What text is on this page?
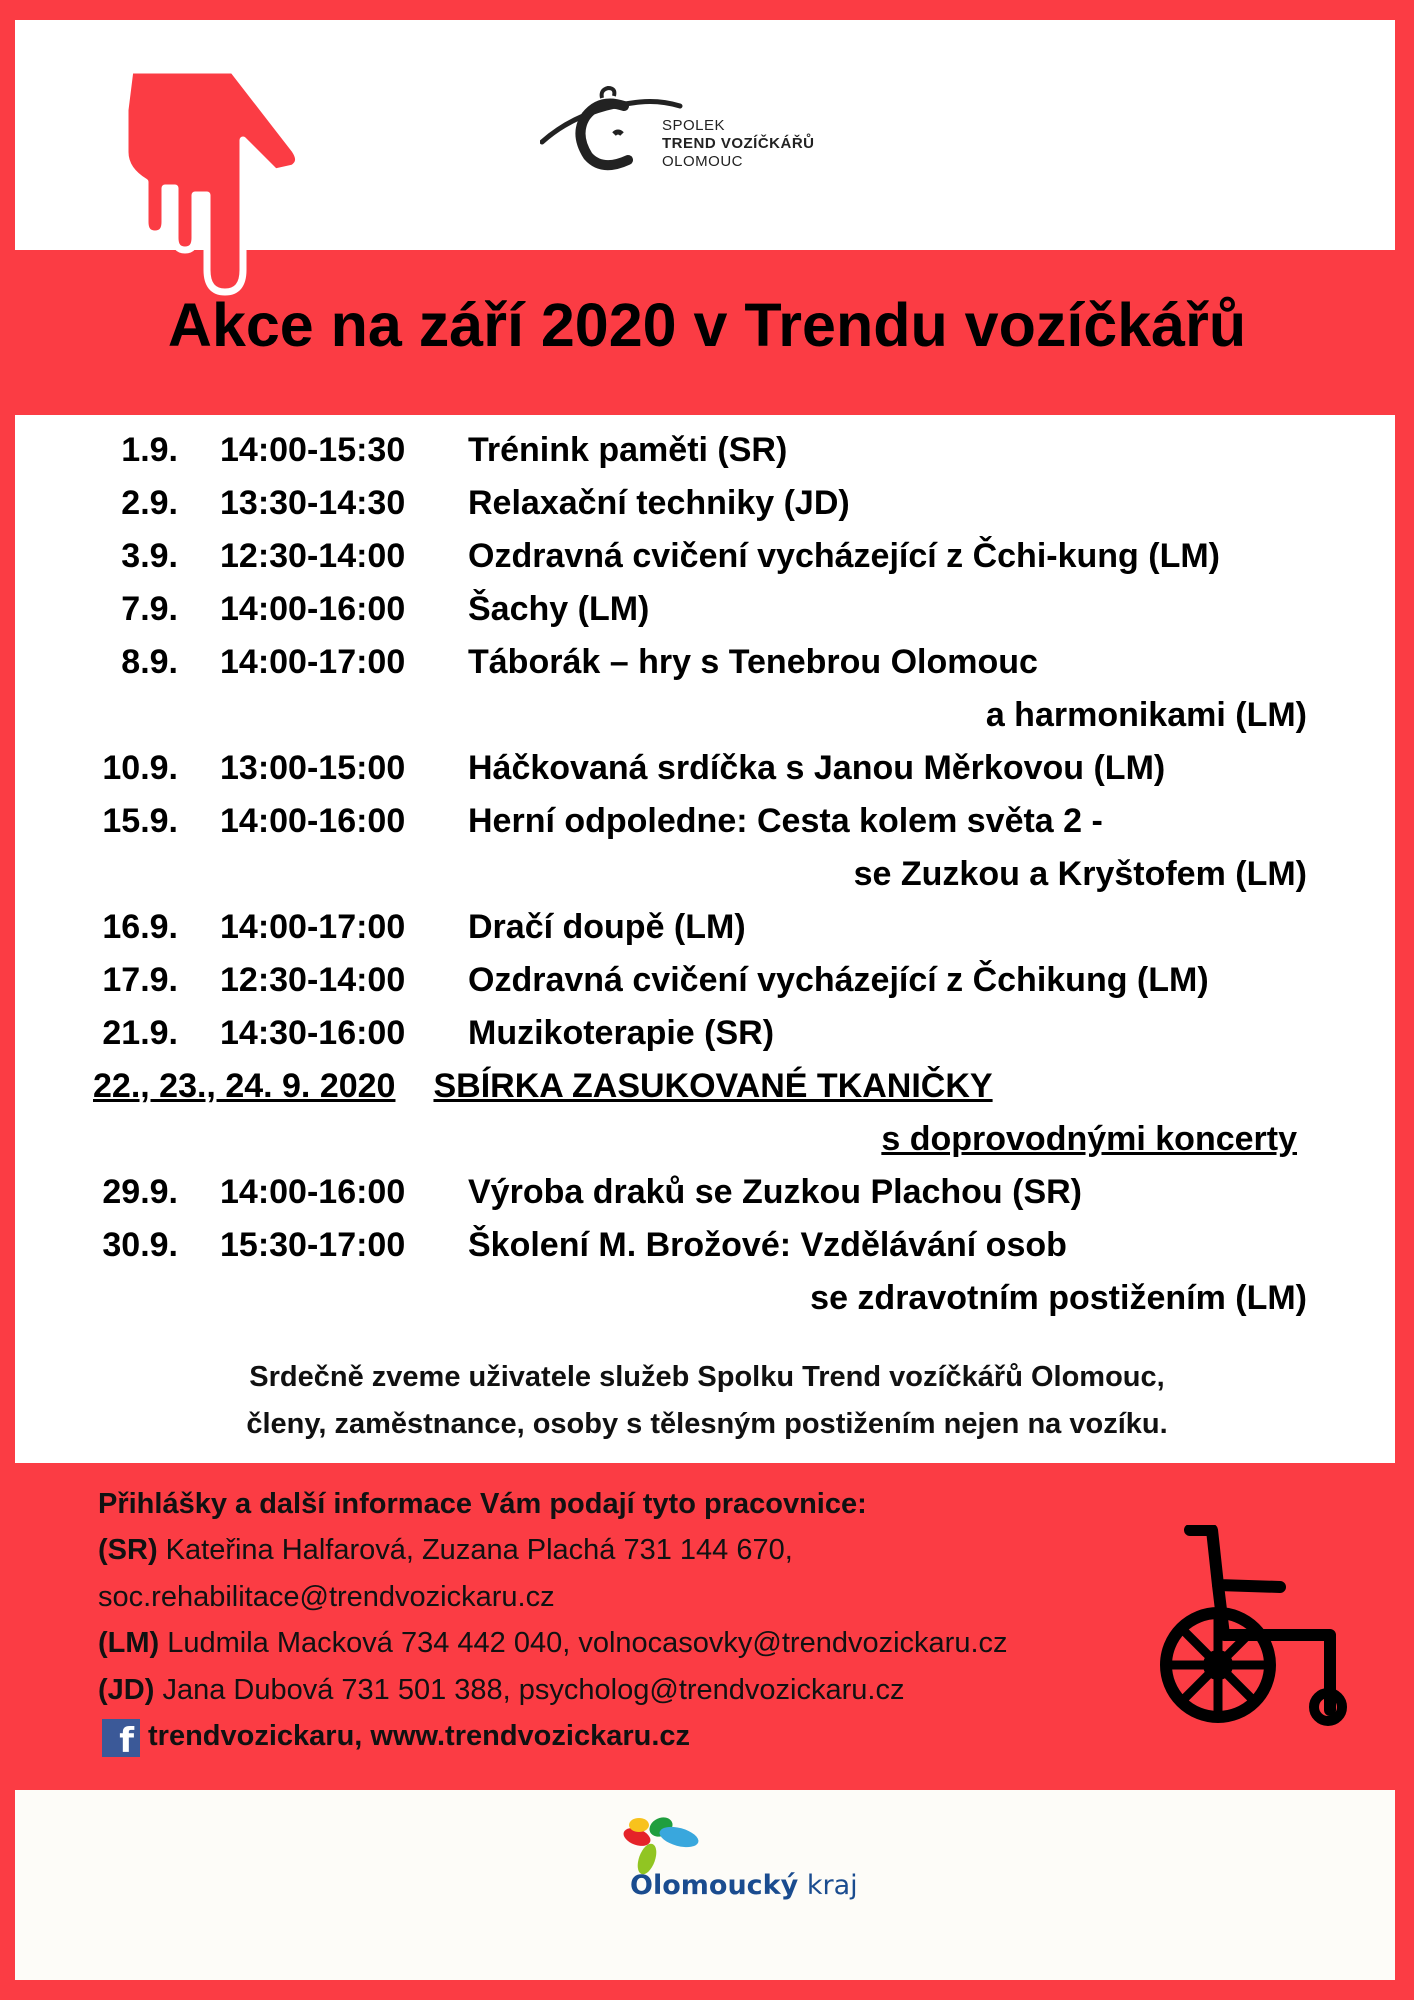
SPOLEK
TREND VOZÍČKÁŘŮ
OLOMOUC
Akce na září 2020 v Trendu vozíčkářů
1.9. 14:00-15:30 Trénink paměti (SR)
2.9. 13:30-14:30 Relaxační techniky (JD)
3.9. 12:30-14:00 Ozdravná cvičení vycházející z Čchi-kung (LM)
7.9. 14:00-16:00 Šachy (LM)
8.9. 14:00-17:00 Táborák – hry s Tenebrou Olomouc
a harmonikami (LM)
10.9. 13:00-15:00 Háčkovaná srdíčka s Janou Měrkovou (LM)
15.9. 14:00-16:00 Herní odpoledne: Cesta kolem světa 2 -
se Zuzkou a Kryštofem (LM)
16.9. 14:00-17:00 Dračí doupě (LM)
17.9. 12:30-14:00 Ozdravná cvičení vycházející z Čchikung (LM)
21.9. 14:30-16:00 Muzikoterapie (SR)
22., 23., 24. 9. 2020 SBÍRKA ZASUKOVANÉ TKANIČKY
s doprovodnými koncerty
29.9. 14:00-16:00 Výroba draků se Zuzkou Plachou (SR)
30.9. 15:30-17:00 Školení M. Brožové: Vzdělávání osob
se zdravotním postižením (LM)
Srdečně zveme uživatele služeb Spolku Trend vozíčkářů Olomouc,
členy, zaměstnance, osoby s tělesným postižením nejen na vozíku.
Přihlášky a další informace Vám podají tyto pracovnice:
(SR) Kateřina Halfarová, Zuzana Plachá 731 144 670,
soc.rehabilitace@trendvozickaru.cz
(LM) Ludmila Macková 734 442 040, volnocasovky@trendvozickaru.cz
(JD) Jana Dubová 731 501 388, psycholog@trendvozickaru.cz
f trendvozickaru, www.trendvozickaru.cz
Olomoucký kraj
